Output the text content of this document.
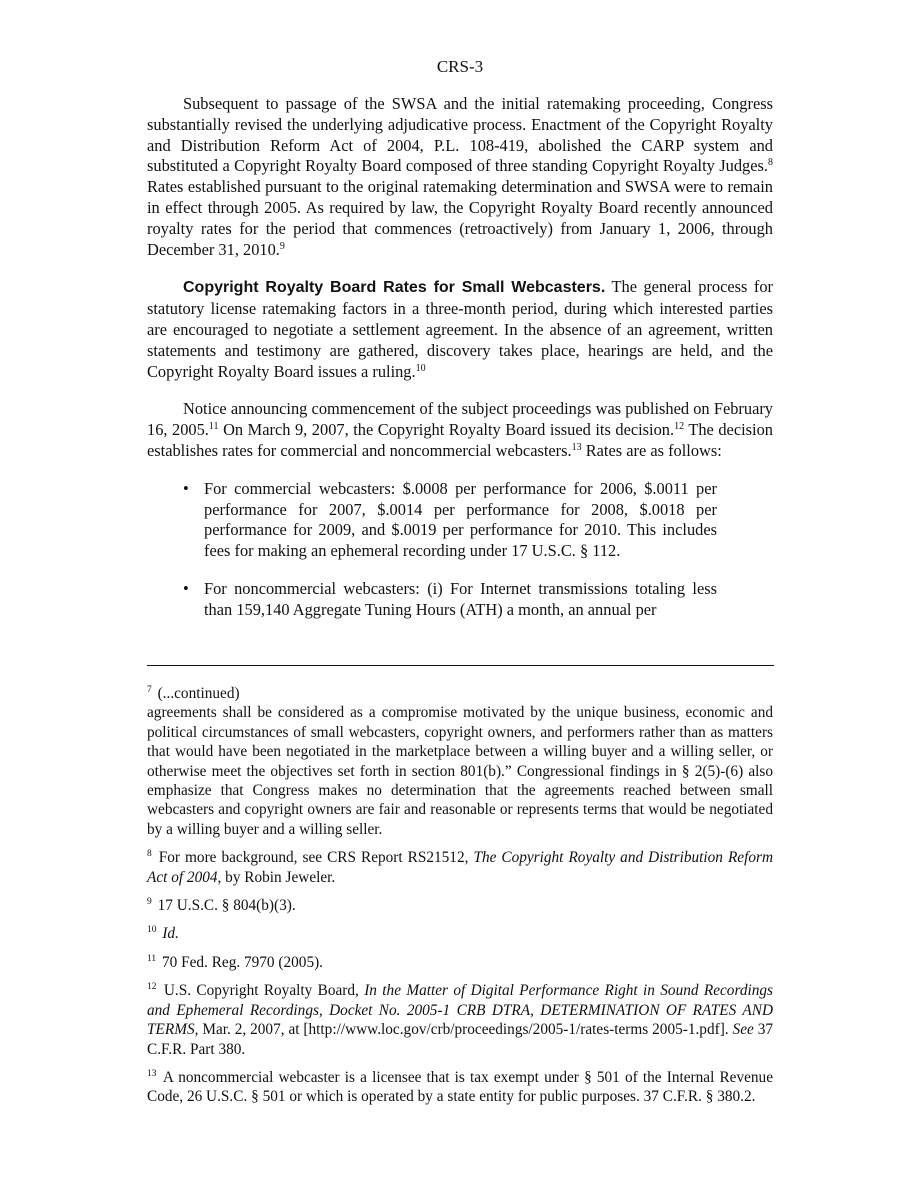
CRS-3

Subsequent to passage of the SWSA and the initial ratemaking proceeding, Congress substantially revised the underlying adjudicative process. Enactment of the Copyright Royalty and Distribution Reform Act of 2004, P.L. 108-419, abolished the CARP system and substituted a Copyright Royalty Board composed of three standing Copyright Royalty Judges.$^8$ Rates established pursuant to the original ratemaking determination and SWSA were to remain in effect through 2005. As required by law, the Copyright Royalty Board recently announced royalty rates for the period that commences (retroactively) from January 1, 2006, through December 31, 2010.$^9$

Copyright Royalty Board Rates for Small Webcasters. The general process for statutory license ratemaking factors in a three-month period, during which interested parties are encouraged to negotiate a settlement agreement. In the absence of an agreement, written statements and testimony are gathered, discovery takes place, hearings are held, and the Copyright Royalty Board issues a ruling.$^{10}$

Notice announcing commencement of the subject proceedings was published on February 16, 2005.11 On March 9, 2007, the Copyright Royalty Board issued its decision.$^{12}$ The decision establishes rates for commercial and noncommercial webcasters.$^{13}$ Rates are as follows:

• For commercial webcasters: $.0008 per performance for 2006, $.0011 per performance for 2007, $.0014 per performance for 2008, $.0018 per performance for 2009, and $.0019 per performance for 2010. This includes fees for making an ephemeral recording under 17 U.S.C. § 112.
• For noncommercial webcasters: (i) For Internet transmissions totaling less than 159,140 Aggregate Tuning Hours (ATH) a month, an annual per
$^7$ (...continued)
agreements shall be considered as a compromise motivated by the unique business, economic and political circumstances of small webcasters, copyright owners, and performers rather than as matters that would have been negotiated in the marketplace between a willing buyer and a willing seller, or otherwise meet the objectives set forth in section 801(b).” Congressional findings in § 2(5)-(6) also emphasize that Congress makes no determination that the agreements reached between small webcasters and copyright owners are fair and reasonable or represents terms that would be negotiated by a willing buyer and a willing seller.
$^8$ For more background, see CRS Report RS21512, The Copyright Royalty and Distribution Reform Act of 2004, by Robin Jeweler.
$^9$ 17 U.S.C. § 804(b)(3).
$^{10}$ Id.
$^{11}$ 70 Fed. Reg. 7970 (2005).
$^{12}$ U.S. Copyright Royalty Board, In the Matter of Digital Performance Right in Sound Recordings and Ephemeral Recordings, Docket No. 2005-1 CRB DTRA, DETERMINATION OF RATES AND TERMS, Mar. 2, 2007, at [http://www.loc.gov/crb/proceedings/2005-1/rates-terms 2005-1.pdf]. See 37 C.F.R. Part 380.
$^{13}$ A noncommercial webcaster is a licensee that is tax exempt under § 501 of the Internal Revenue Code, 26 U.S.C. § 501 or which is operated by a state entity for public purposes. 37 C.F.R. § 380.2.
